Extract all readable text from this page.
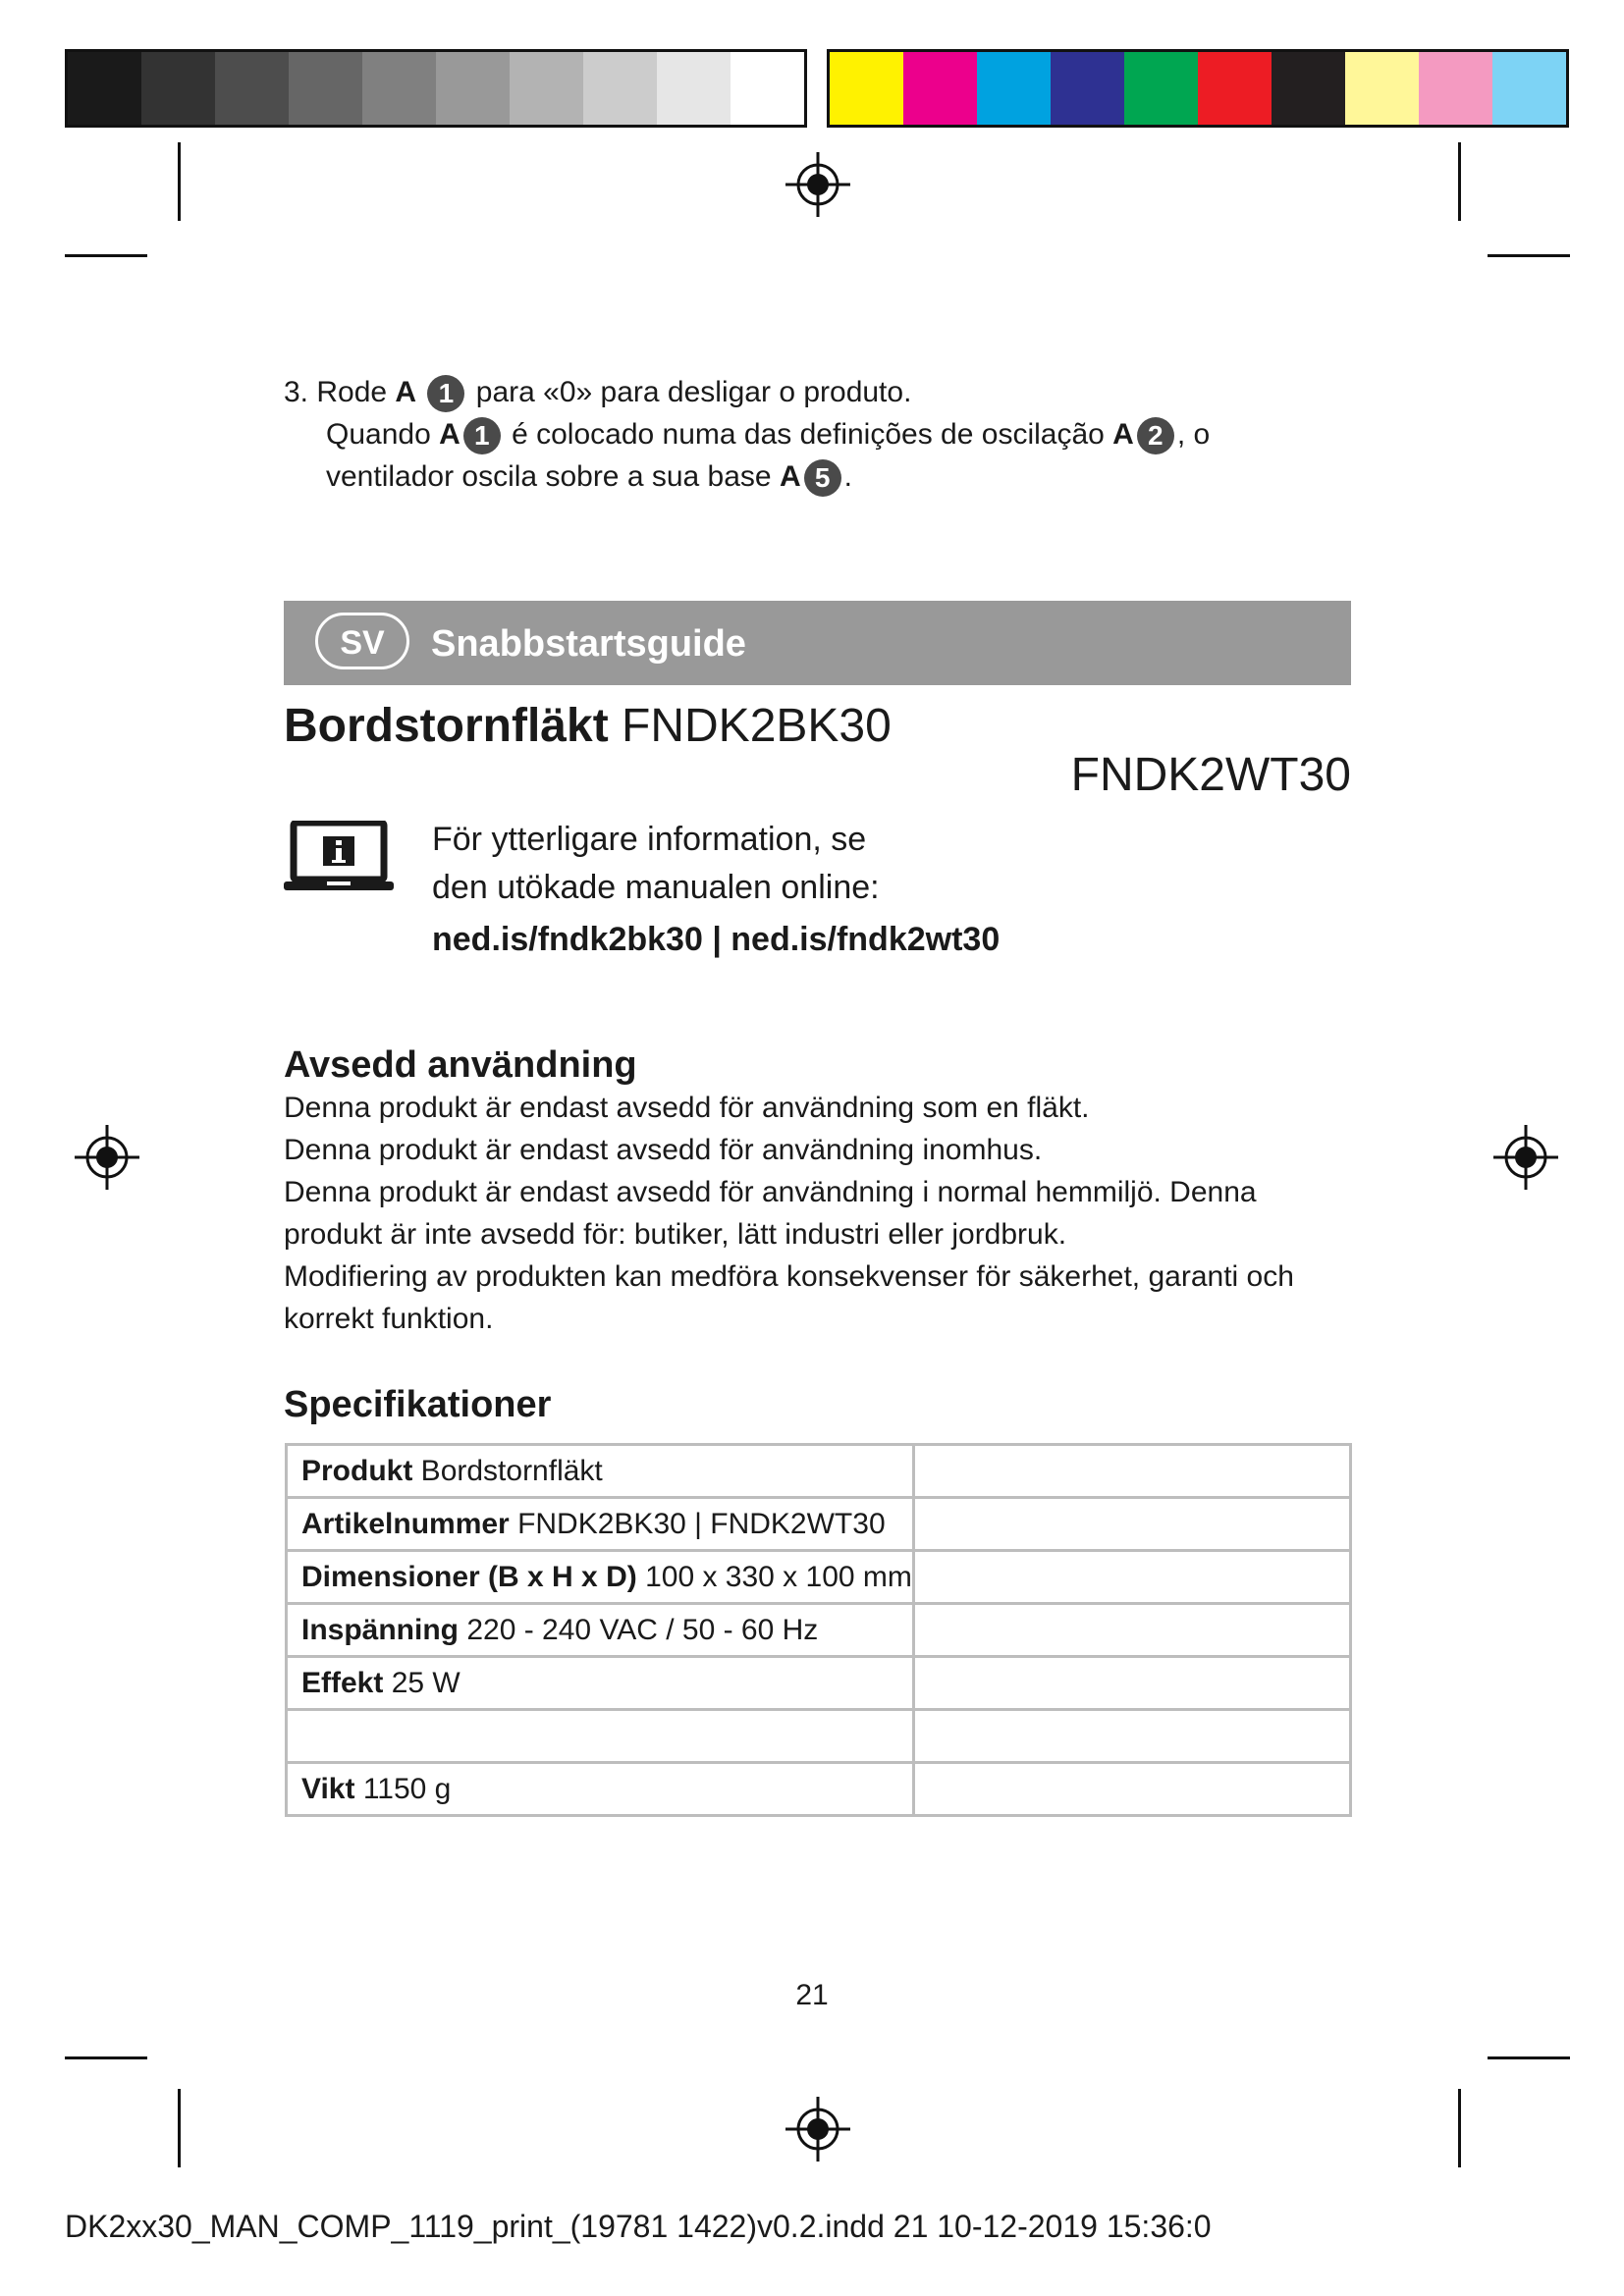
3. Rode A 1 para «0» para desligar o produto.
Quando A 1 é colocado numa das definições de oscilação A 2 , o
ventilador oscila sobre a sua base A 5 .
SV	Snabbstartsguide
Bordstornfläkt FNDK2BK30
FNDK2WT30
För ytterligare information, se
den utökade manualen online:
ned.is/fndk2bk30 | ned.is/fndk2wt30
Avsedd användning
Denna produkt är endast avsedd för användning som en fläkt.
Denna produkt är endast avsedd för användning inomhus.
Denna produkt är endast avsedd för användning i normal hemmiljö. Denna
produkt är inte avsedd för: butiker, lätt industri eller jordbruk.
Modifiering av produkten kan medföra konsekvenser för säkerhet, garanti och
korrekt funktion.
Specifikationer
Produkt Bordstornfläkt	
Artikelnummer FNDK2BK30 | FNDK2WT30	
Dimensioner (B x H x D) 100 x 330 x 100 mm	
Inspänning 220 - 240 VAC / 50 - 60 Hz	
Effekt 25 W	

Vikt 1150 g	
21
DK2xx30_MAN_COMP_1119_print_(19781 1422)v0.2.indd 21 10-12-2019 15:36:0
